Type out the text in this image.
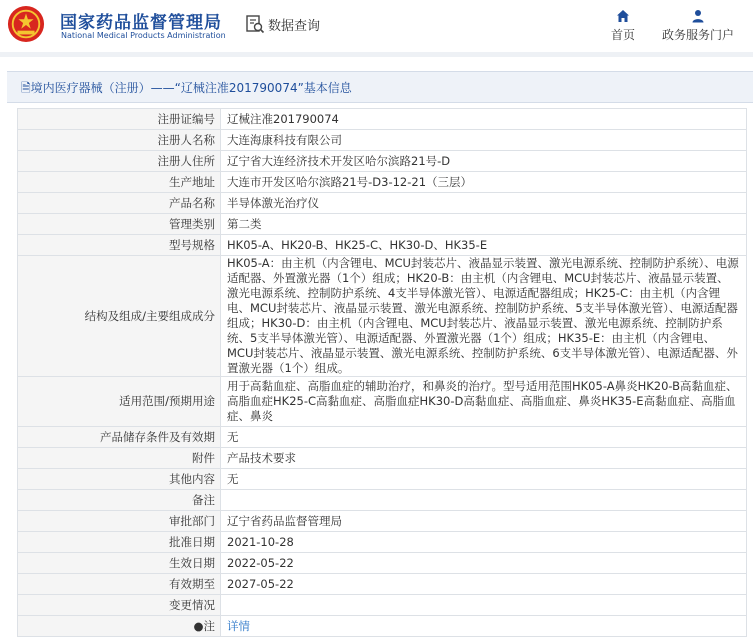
国家药品监督管理局
National Medical Products Administration
数据查询
首页	政务服务门户
🗎境内医疗器械（注册）——“辽械注准201790074”基本信息
注册证编号	辽械注准201790074
注册人名称	大连海康科技有限公司
注册人住所	辽宁省大连经济技术开发区哈尔滨路21号-D
生产地址	大连市开发区哈尔滨路21号-D3-12-21（三层）
产品名称	半导体激光治疗仪
管理类别	第二类
型号规格	HK05-A、HK20-B、HK25-C、HK30-D、HK35-E
结构及组成/主要组成成分	HK05-A：由主机（内含锂电、MCU封装芯片、液晶显示装置、激光电源系统、控制防护系统）、电源适配器、外置激光器（1个）组成；HK20-B：由主机（内含锂电、MCU封装芯片、液晶显示装置、激光电源系统、控制防护系统、4支半导体激光管）、电源适配器组成；HK25-C：由主机（内含锂电、MCU封装芯片、液晶显示装置、激光电源系统、控制防护系统、5支半导体激光管）、电源适配器组成；HK30-D：由主机（内含锂电、MCU封装芯片、液晶显示装置、激光电源系统、控制防护系统、5支半导体激光管）、电源适配器、外置激光器（1个）组成；HK35-E：由主机（内含锂电、MCU封装芯片、液晶显示装置、激光电源系统、控制防护系统、6支半导体激光管）、电源适配器、外置激光器（1个）组成。
适用范围/预期用途	用于高黏血症、高脂血症的辅助治疗，和鼻炎的治疗。型号适用范围HK05-A鼻炎HK20-B高黏血症、高脂血症HK25-C高黏血症、高脂血症HK30-D高黏血症、高脂血症、鼻炎HK35-E高黏血症、高脂血症、鼻炎
产品储存条件及有效期	无
附件	产品技术要求
其他内容	无
备注	
审批部门	辽宁省药品监督管理局
批准日期	2021-10-28
生效日期	2022-05-22
有效期至	2027-05-22
变更情况	
●注	详情
